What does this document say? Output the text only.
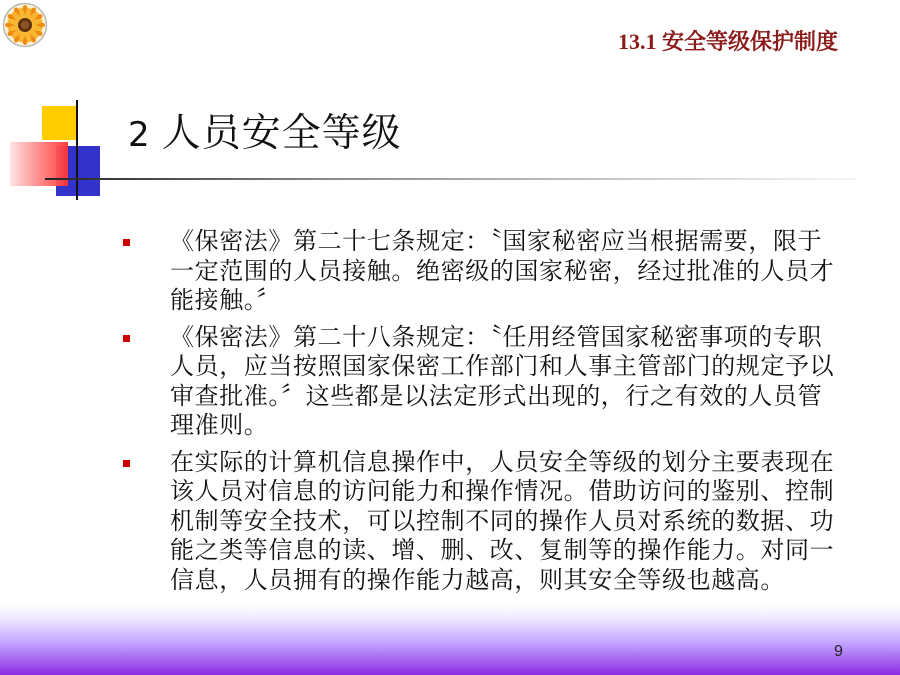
13.1 安全等级保护制度
2 人员安全等级
《保密法》第二十七条规定：〝国家秘密应当根据需要，限于
一定范围的人员接触。绝密级的国家秘密，经过批准的人员才
能接触。〞
《保密法》第二十八条规定：〝任用经管国家秘密事项的专职
人员，应当按照国家保密工作部门和人事主管部门的规定予以
审查批准。〞这些都是以法定形式出现的，行之有效的人员管
理准则。
在实际的计算机信息操作中，人员安全等级的划分主要表现在
该人员对信息的访问能力和操作情况。借助访问的鉴别、控制
机制等安全技术，可以控制不同的操作人员对系统的数据、功
能之类等信息的读、增、删、改、复制等的操作能力。对同一
信息，人员拥有的操作能力越高，则其安全等级也越高。
9
